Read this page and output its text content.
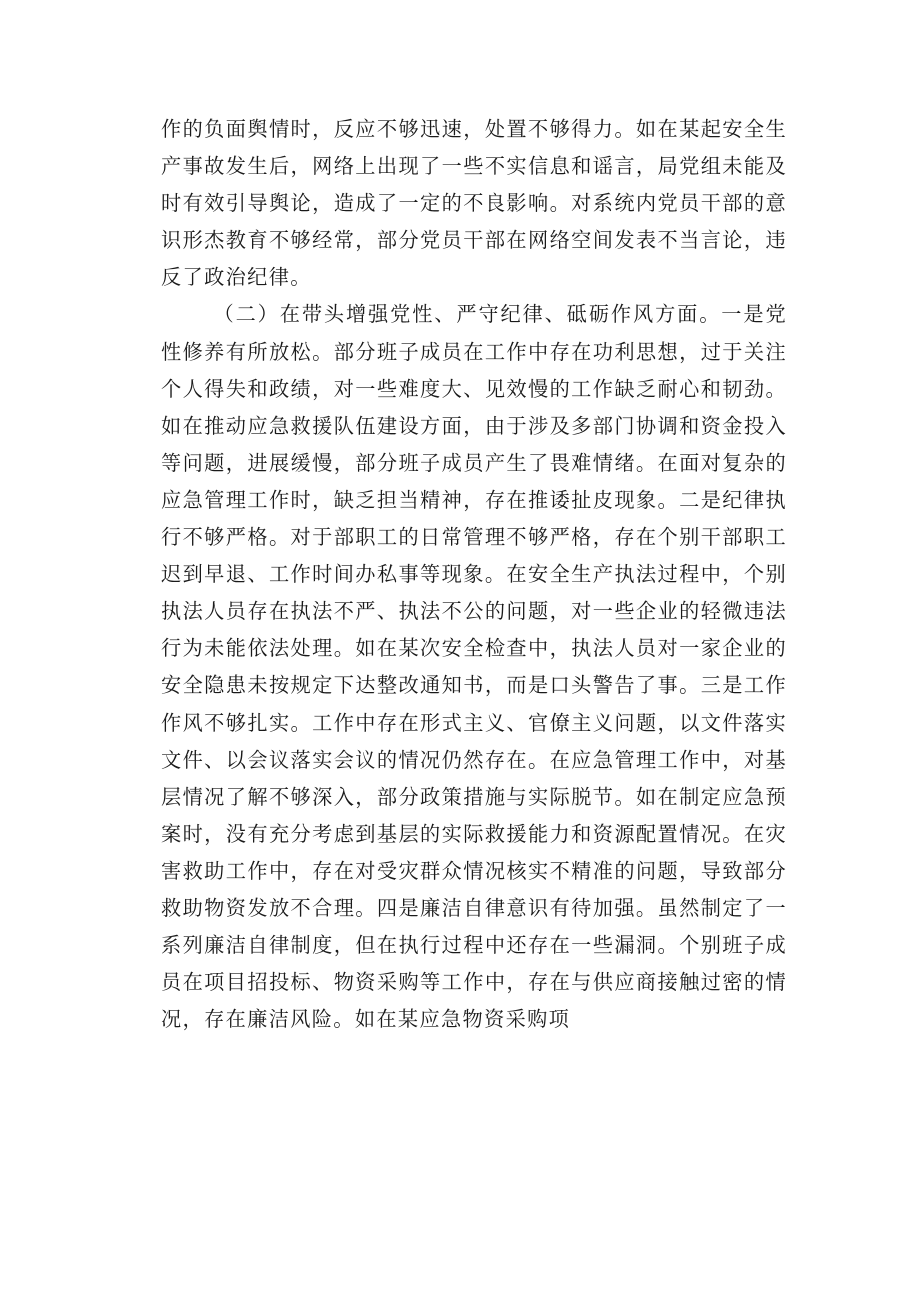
作的负面舆情时，反应不够迅速，处置不够得力。如在某起安全生产事故发生后，网络上出现了一些不实信息和谣言，局党组未能及时有效引导舆论，造成了一定的不良影响。对系统内党员干部的意识形杰教育不够经常，部分党员干部在网络空间发表不当言论，违反了政治纪律。

（二）在带头增强党性、严守纪律、砥砺作风方面。一是党性修养有所放松。部分班子成员在工作中存在功利思想，过于关注个人得失和政绩，对一些难度大、见效慢的工作缺乏耐心和韧劲。如在推动应急救援队伍建设方面，由于涉及多部门协调和资金投入等问题，进展缓慢，部分班子成员产生了畏难情绪。在面对复杂的应急管理工作时，缺乏担当精神，存在推诿扯皮现象。二是纪律执行不够严格。对于部职工的日常管理不够严格，存在个别干部职工迟到早退、工作时间办私事等现象。在安全生产执法过程中，个别执法人员存在执法不严、执法不公的问题，对一些企业的轻微违法行为未能依法处理。如在某次安全检查中，执法人员对一家企业的安全隐患未按规定下达整改通知书，而是口头警告了事。三是工作作风不够扎实。工作中存在形式主义、官僚主义问题，以文件落实文件、以会议落实会议的情况仍然存在。在应急管理工作中，对基层情况了解不够深入，部分政策措施与实际脱节。如在制定应急预案时，没有充分考虑到基层的实际救援能力和资源配置情况。在灾害救助工作中，存在对受灾群众情况核实不精准的问题，导致部分救助物资发放不合理。四是廉洁自律意识有待加强。虽然制定了一系列廉洁自律制度，但在执行过程中还存在一些漏洞。个别班子成员在项目招投标、物资采购等工作中，存在与供应商接触过密的情况，存在廉洁风险。如在某应急物资采购项
